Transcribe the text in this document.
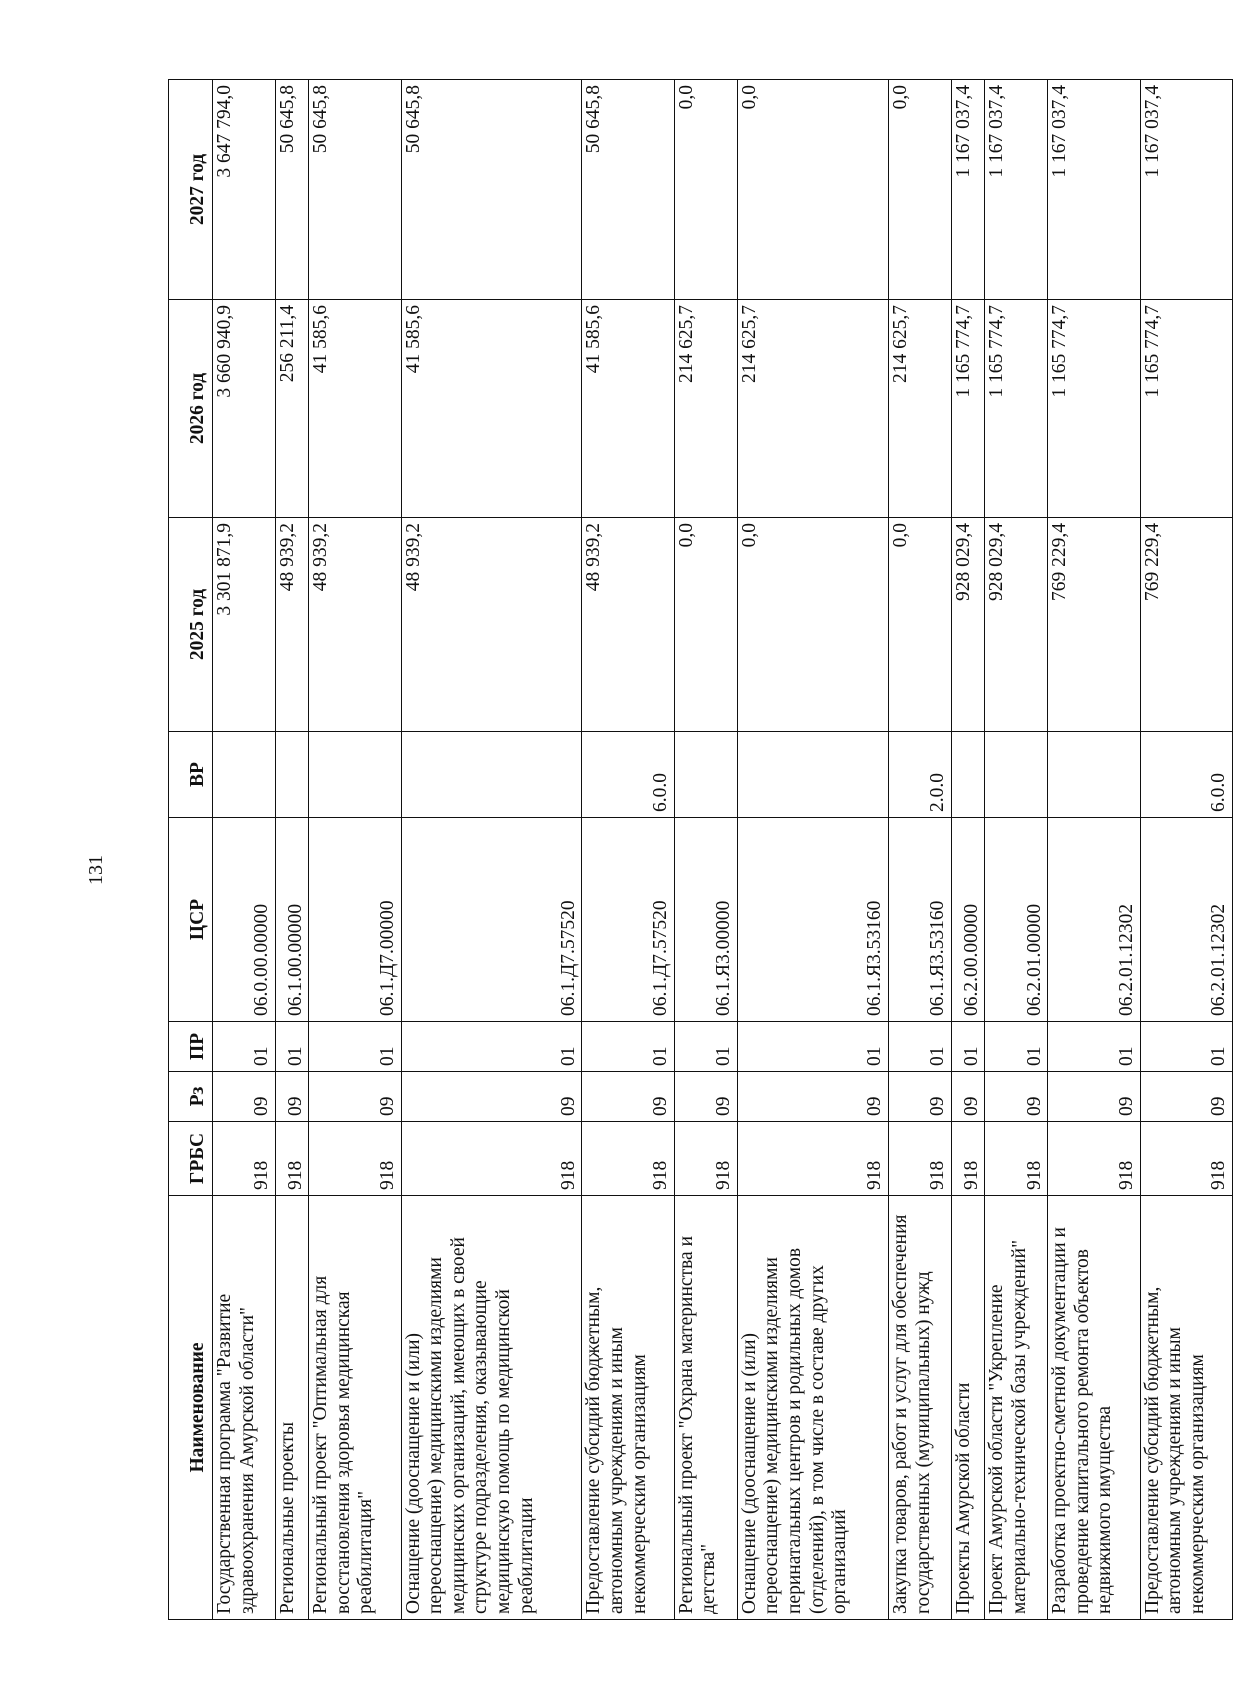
131
Наименование	ГРБС	Рз	ПР	ЦСР	ВР	2025 год	2026 год	2027 год
Государственная программа "Развитие здравоохранения Амурской области"	918	09	01	06.0.00.00000		3 301 871,9	3 660 940,9	3 647 794,0
Региональные проекты	918	09	01	06.1.00.00000		48 939,2	256 211,4	50 645,8
Региональный проект "Оптимальная для восстановления здоровья медицинская реабилитация"	918	09	01	06.1.Д7.00000		48 939,2	41 585,6	50 645,8
Оснащение (дооснащение и (или) переоснащение) медицинскими изделиями медицинских организаций, имеющих в своей структуре подразделения, оказывающие медицинскую помощь по медицинской реабилитации	918	09	01	06.1.Д7.57520		48 939,2	41 585,6	50 645,8
Предоставление субсидий бюджетным, автономным учреждениям и иным некоммерческим организациям	918	09	01	06.1.Д7.57520	6.0.0	48 939,2	41 585,6	50 645,8
Региональный проект "Охрана материнства и детства"	918	09	01	06.1.Я3.00000		0,0	214 625,7	0,0
Оснащение (дооснащение и (или) переоснащение) медицинскими изделиями перинатальных центров и родильных домов (отделений), в том числе в составе других организаций	918	09	01	06.1.Я3.53160		0,0	214 625,7	0,0
Закупка товаров, работ и услуг для обеспечения государственных (муниципальных) нужд	918	09	01	06.1.Я3.53160	2.0.0	0,0	214 625,7	0,0
Проекты Амурской области	918	09	01	06.2.00.00000		928 029,4	1 165 774,7	1 167 037,4
Проект Амурской области "Укрепление материально-технической базы учреждений"	918	09	01	06.2.01.00000		928 029,4	1 165 774,7	1 167 037,4
Разработка проектно-сметной документации и проведение капитального ремонта объектов недвижимого имущества	918	09	01	06.2.01.12302		769 229,4	1 165 774,7	1 167 037,4
Предоставление субсидий бюджетным, автономным учреждениям и иным некоммерческим организациям	918	09	01	06.2.01.12302	6.0.0	769 229,4	1 165 774,7	1 167 037,4
